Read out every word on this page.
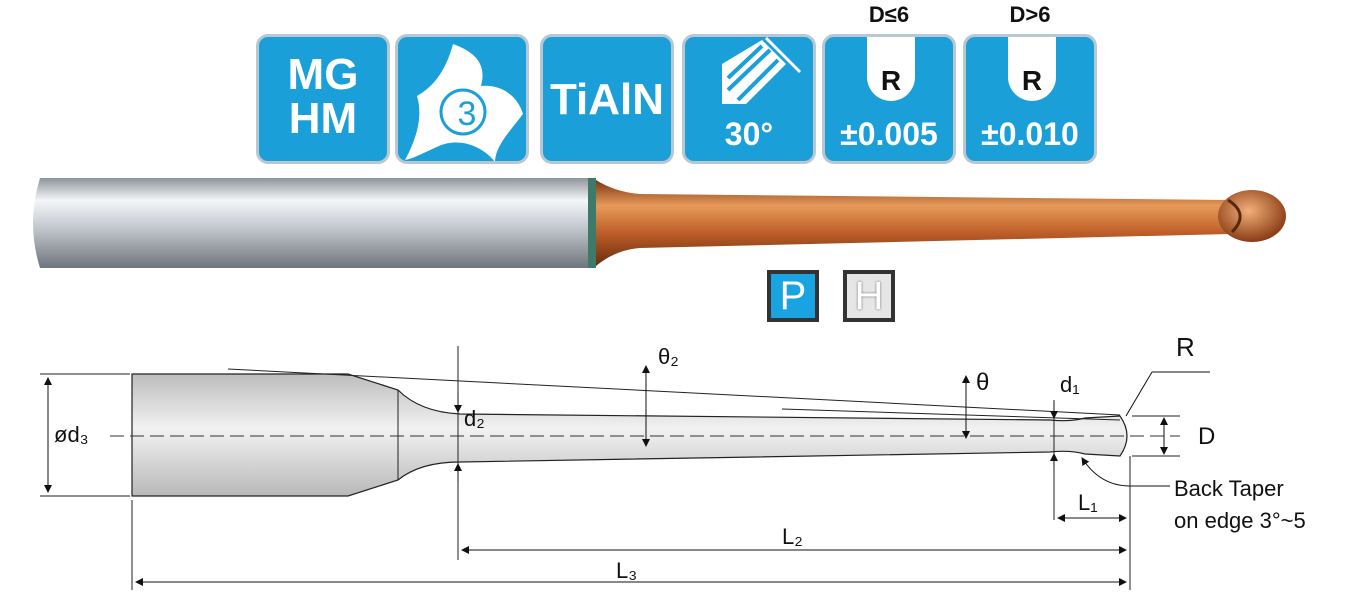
MG
HM	3 TiAlN
30°
D≤6
R
±0.005
D>6
R
±0.010
P	H
ød₃
d₂
θ₂
θ	d₁
R
D
L₁
L₂
L₃
Back Taper
on edge 3°~5
